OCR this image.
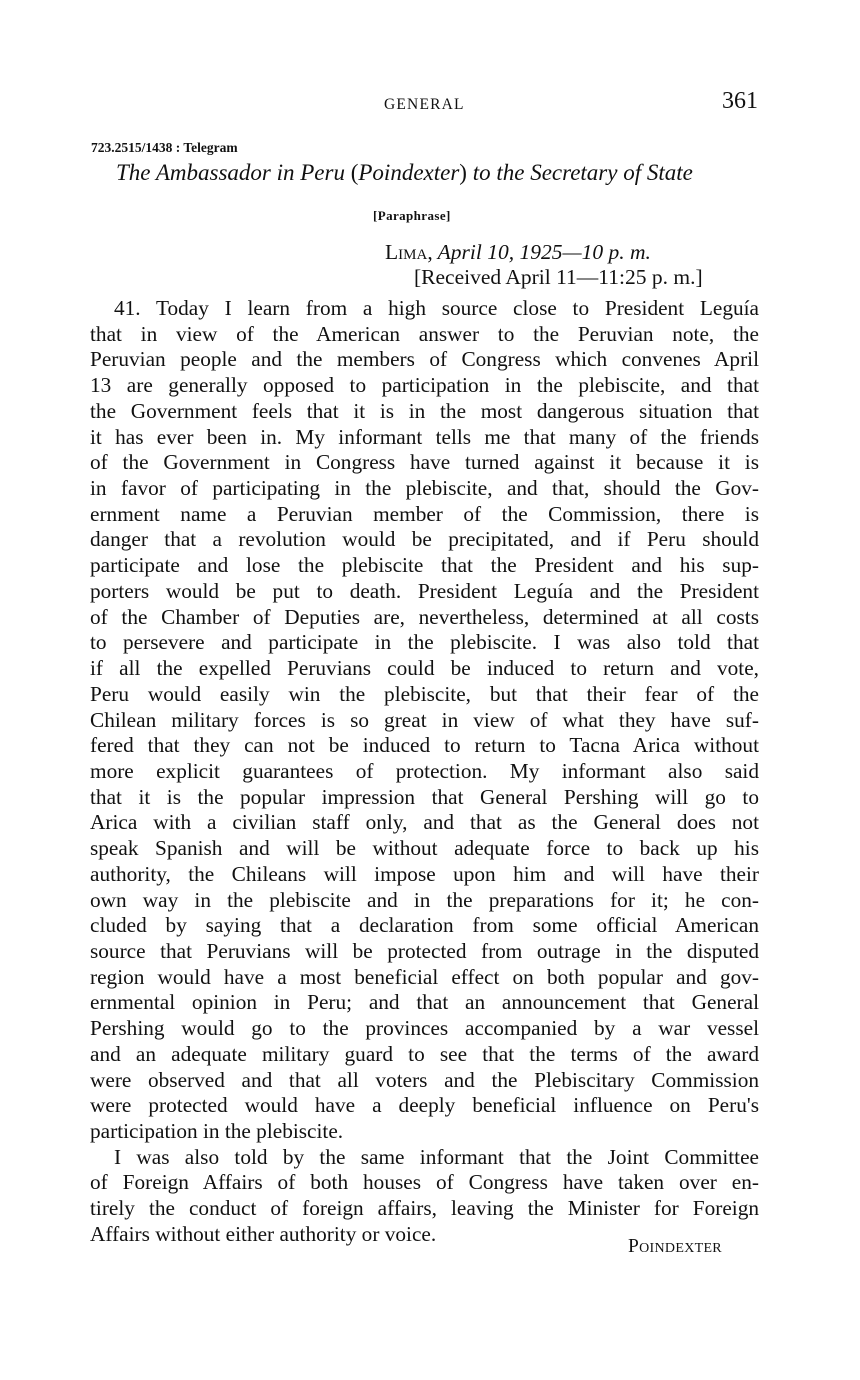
GENERAL	361
723.2515/1438 : Telegram
The Ambassador in Peru (Poindexter) to the Secretary of State
[Paraphrase]
Lima, April 10, 1925—10 p. m.
[Received April 11—11:25 p. m.]
41. Today I learn from a high source close to President Leguía
that in view of the American answer to the Peruvian note, the
Peruvian people and the members of Congress which convenes April
13 are generally opposed to participation in the plebiscite, and that
the Government feels that it is in the most dangerous situation that
it has ever been in. My informant tells me that many of the friends
of the Government in Congress have turned against it because it is
in favor of participating in the plebiscite, and that, should the Gov-
ernment name a Peruvian member of the Commission, there is
danger that a revolution would be precipitated, and if Peru should
participate and lose the plebiscite that the President and his sup-
porters would be put to death. President Leguía and the President
of the Chamber of Deputies are, nevertheless, determined at all costs
to persevere and participate in the plebiscite. I was also told that
if all the expelled Peruvians could be induced to return and vote,
Peru would easily win the plebiscite, but that their fear of the
Chilean military forces is so great in view of what they have suf-
fered that they can not be induced to return to Tacna Arica without
more explicit guarantees of protection. My informant also said
that it is the popular impression that General Pershing will go to
Arica with a civilian staff only, and that as the General does not
speak Spanish and will be without adequate force to back up his
authority, the Chileans will impose upon him and will have their
own way in the plebiscite and in the preparations for it; he con-
cluded by saying that a declaration from some official American
source that Peruvians will be protected from outrage in the disputed
region would have a most beneficial effect on both popular and gov-
ernmental opinion in Peru; and that an announcement that General
Pershing would go to the provinces accompanied by a war vessel
and an adequate military guard to see that the terms of the award
were observed and that all voters and the Plebiscitary Commission
were protected would have a deeply beneficial influence on Peru's
participation in the plebiscite.
I was also told by the same informant that the Joint Committee
of Foreign Affairs of both houses of Congress have taken over en-
tirely the conduct of foreign affairs, leaving the Minister for Foreign
Affairs without either authority or voice.
Poindexter
